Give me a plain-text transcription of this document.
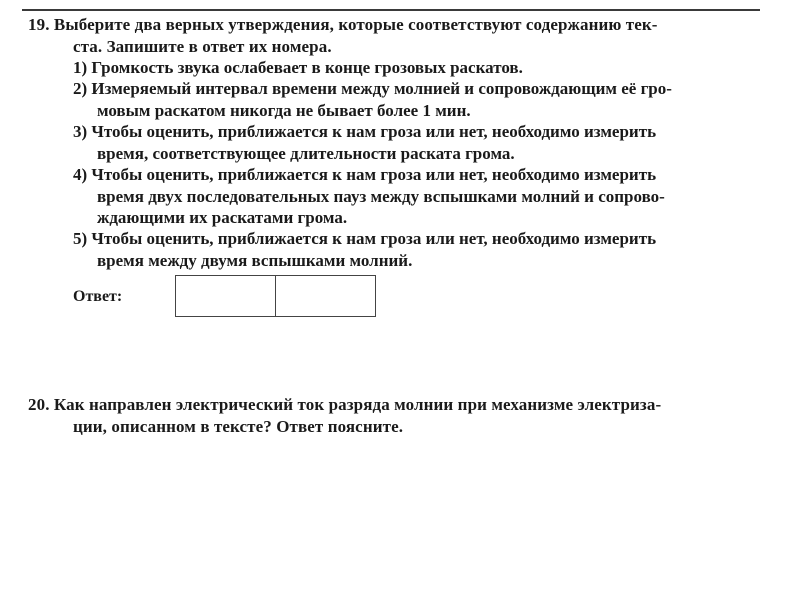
19. Выберите два верных утверждения, которые соответствуют содержанию тек-
ста. Запишите в ответ их номера.
1) Громкость звука ослабевает в конце грозовых раскатов.
2) Измеряемый интервал времени между молнией и сопровождающим её гро-
мовым раскатом никогда не бывает более 1 мин.
3) Чтобы оценить, приближается к нам гроза или нет, необходимо измерить
время, соответствующее длительности раската грома.
4) Чтобы оценить, приближается к нам гроза или нет, необходимо измерить
время двух последовательных пауз между вспышками молний и сопрово-
ждающими их раскатами грома.
5) Чтобы оценить, приближается к нам гроза или нет, необходимо измерить
время между двумя вспышками молний.
Ответ:
20. Как направлен электрический ток разряда молнии при механизме электриза-
ции, описанном в тексте? Ответ поясните.
